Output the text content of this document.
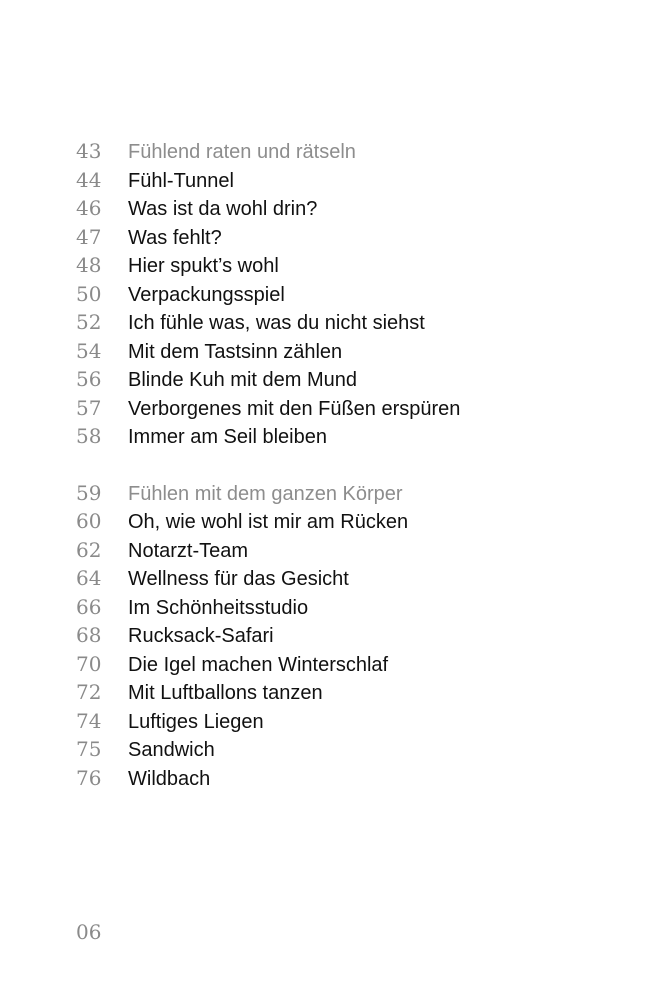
43	Fühlend raten und rätseln
44	Fühl-Tunnel
46	Was ist da wohl drin?
47	Was fehlt?
48	Hier spukt’s wohl
50	Verpackungsspiel
52	Ich fühle was, was du nicht siehst
54	Mit dem Tastsinn zählen
56	Blinde Kuh mit dem Mund
57	Verborgenes mit den Füßen erspüren
58	Immer am Seil bleiben
59	Fühlen mit dem ganzen Körper
60	Oh, wie wohl ist mir am Rücken
62	Notarzt-Team
64	Wellness für das Gesicht
66	Im Schönheitsstudio
68	Rucksack-Safari
70	Die Igel machen Winterschlaf
72	Mit Luftballons tanzen
74	Luftiges Liegen
75	Sandwich
76	Wildbach
06
